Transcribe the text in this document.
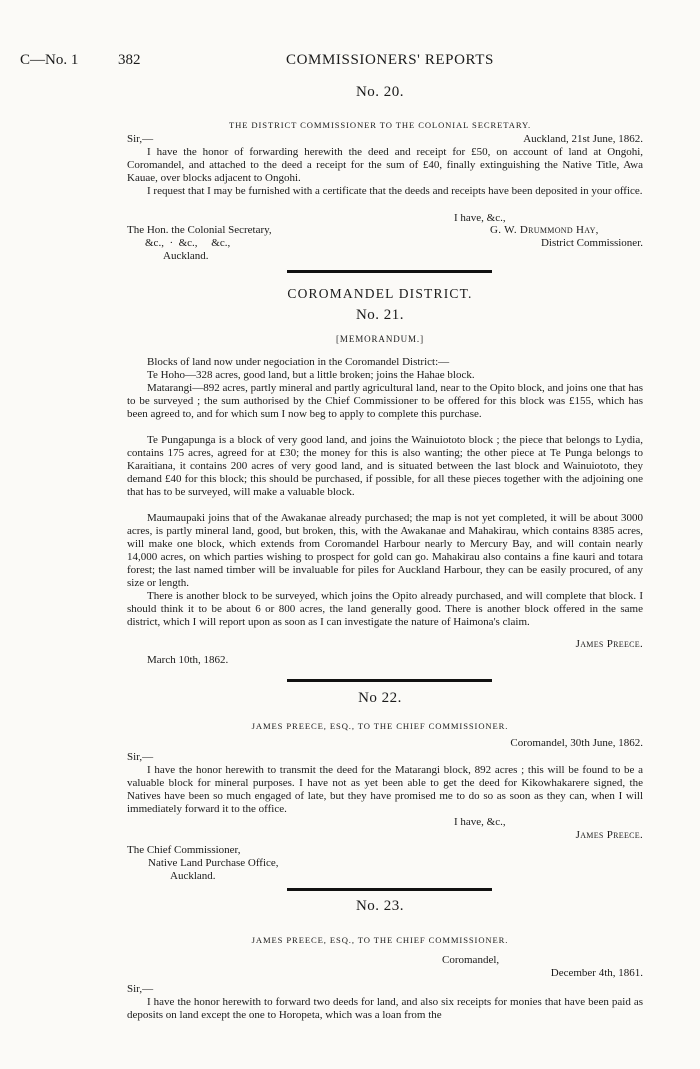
C—No. 1	382	COMMISSIONERS' REPORTS
No. 20.
THE DISTRICT COMMISSIONER TO THE COLONIAL SECRETARY.
Sir,—	Auckland, 21st June, 1862.

I have the honor of forwarding herewith the deed and receipt for £50, on account of land at Ongohi, Coromandel, and attached to the deed a receipt for the sum of £40, finally extinguishing the Native Title, Awa Kauae, over blocks adjacent to Ongohi.

I request that I may be furnished with a certificate that the deeds and receipts have been deposited in your office.

I have, &c.,
The Hon. the Colonial Secretary,
&c.,  ·  &c.,     &c.,
Auckland.
G. W. Drummond Hay,
District Commissioner.
COROMANDEL DISTRICT.
No. 21.
[MEMORANDUM.]

Blocks of land now under negociation in the Coromandel District:—

Te Hoho—328 acres, good land, but a little broken; joins the Hahae block.

Matarangi—892 acres, partly mineral and partly agricultural land, near to the Opito block, and joins one that has to be surveyed ; the sum authorised by the Chief Commissioner to be offered for this block was £155, which has been agreed to, and for which sum I now beg to apply to complete this purchase.

Te Pungapunga is a block of very good land, and joins the Wainuiototo block ; the piece that belongs to Lydia, contains 175 acres, agreed for at £30; the money for this is also wanting; the other piece at Te Punga belongs to Karaitiana, it contains 200 acres of very good land, and is situated between the last block and Wainuiototo, they demand £40 for this block; this should be purchased, if possible, for all these pieces together with the adjoining one that has to be surveyed, will make a valuable block.

Maumaupaki joins that of the Awakanae already purchased; the map is not yet completed, it will be about 3000 acres, is partly mineral land, good, but broken, this, with the Awakanae and Mahakirau, which contains 8385 acres, will make one block, which extends from Coromandel Harbour nearly to Mercury Bay, and will contain nearly 14,000 acres, on which parties wishing to prospect for gold can go. Mahakirau also contains a fine kauri and totara forest; the last named timber will be invaluable for piles for Auckland Harbour, they can be easily procured, of any size or length.

There is another block to be surveyed, which joins the Opito already purchased, and will complete that block. I should think it to be about 6 or 800 acres, the land generally good. There is another block offered in the same district, which I will report upon as soon as I can investigate the nature of Haimona's claim.

James Preece.
March 10th, 1862.
No 22.
JAMES PREECE, ESQ., TO THE CHIEF COMMISSIONER.
Coromandel, 30th June, 1862.
Sir,—

I have the honor herewith to transmit the deed for the Matarangi block, 892 acres ; this will be found to be a valuable block for mineral purposes. I have not as yet been able to get the deed for Kikowhakarere signed, the Natives have been so much engaged of late, but they have promised me to do so as soon as they can, when I will immediately forward it to the office.

I have, &c.,
James Preece.
The Chief Commissioner,
Native Land Purchase Office,
Auckland.
No. 23.
JAMES PREECE, ESQ., TO THE CHIEF COMMISSIONER.
Coromandel,
December 4th, 1861.
Sir,—

I have the honor herewith to forward two deeds for land, and also six receipts for monies that have been paid as deposits on land except the one to Horopeta, which was a loan from the
